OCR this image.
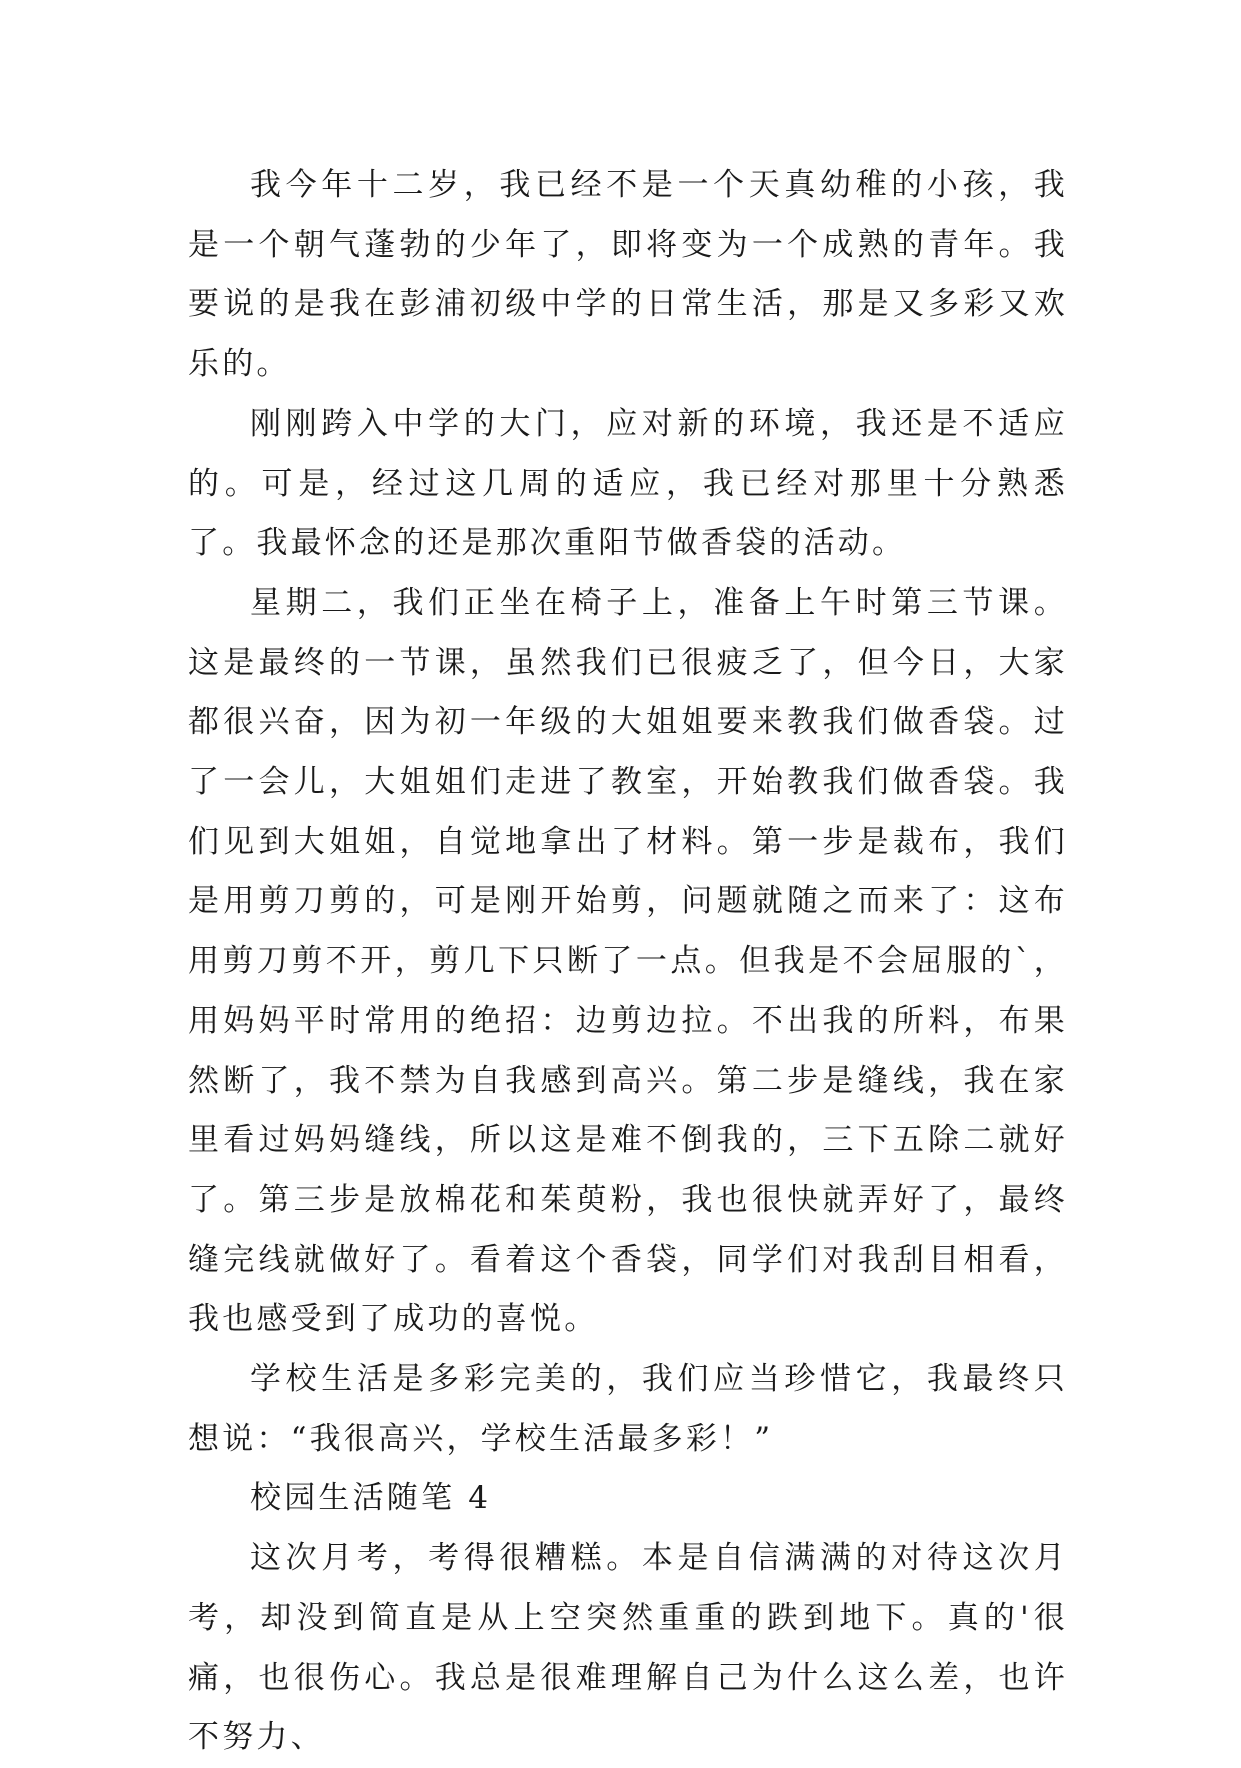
我今年十二岁，我已经不是一个天真幼稚的小孩，我是一个朝气蓬勃的少年了，即将变为一个成熟的青年。我要说的是我在彭浦初级中学的日常生活，那是又多彩又欢乐的。

刚刚跨入中学的大门，应对新的环境，我还是不适应的。可是，经过这几周的适应，我已经对那里十分熟悉了。我最怀念的还是那次重阳节做香袋的活动。

星期二，我们正坐在椅子上，准备上午时第三节课。这是最终的一节课，虽然我们已很疲乏了，但今日，大家都很兴奋，因为初一年级的大姐姐要来教我们做香袋。过了一会儿，大姐姐们走进了教室，开始教我们做香袋。我们见到大姐姐，自觉地拿出了材料。第一步是裁布，我们是用剪刀剪的，可是刚开始剪，问题就随之而来了：这布用剪刀剪不开，剪几下只断了一点。但我是不会屈服的`，用妈妈平时常用的绝招：边剪边拉。不出我的所料，布果然断了，我不禁为自我感到高兴。第二步是缝线，我在家里看过妈妈缝线，所以这是难不倒我的，三下五除二就好了。第三步是放棉花和茱萸粉，我也很快就弄好了，最终缝完线就做好了。看着这个香袋，同学们对我刮目相看，我也感受到了成功的喜悦。

学校生活是多彩完美的，我们应当珍惜它，我最终只想说：“我很高兴，学校生活最多彩！”

校园生活随笔 4

这次月考，考得很糟糕。本是自信满满的对待这次月考，却没到简直是从上空突然重重的跌到地下。真的'很痛，也很伤心。我总是很难理解自己为什么这么差，也许不努力、
